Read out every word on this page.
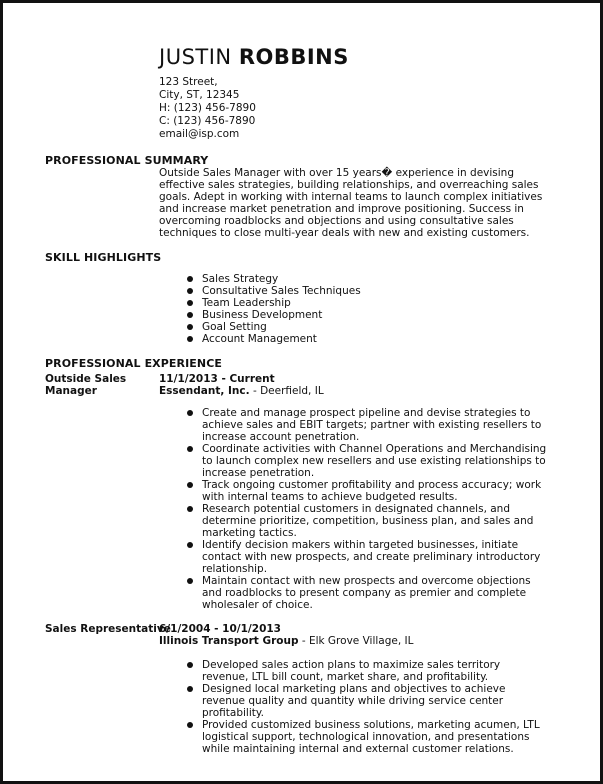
JUSTIN ROBBINS
123 Street,
City, ST, 12345
H: (123) 456-7890
C: (123) 456-7890
email@isp.com
PROFESSIONAL SUMMARY
Outside Sales Manager with over 15 years� experience in devising effective sales strategies, building relationships, and overreaching sales goals. Adept in working with internal teams to launch complex initiatives and increase market penetration and improve positioning. Success in overcoming roadblocks and objections and using consultative sales techniques to close multi-year deals with new and existing customers.
SKILL HIGHLIGHTS
Sales Strategy
Consultative Sales Techniques
Team Leadership
Business Development
Goal Setting
Account Management
PROFESSIONAL EXPERIENCE
Outside Sales Manager
11/1/2013 - Current
Essendant, Inc. - Deerfield, IL
Create and manage prospect pipeline and devise strategies to achieve sales and EBIT targets; partner with existing resellers to increase account penetration.
Coordinate activities with Channel Operations and Merchandising to launch complex new resellers and use existing relationships to increase penetration.
Track ongoing customer profitability and process accuracy; work with internal teams to achieve budgeted results.
Research potential customers in designated channels, and determine prioritize, competition, business plan, and sales and marketing tactics.
Identify decision makers within targeted businesses, initiate contact with new prospects, and create preliminary introductory relationship.
Maintain contact with new prospects and overcome objections and roadblocks to present company as premier and complete wholesaler of choice.
Sales Representative
6/1/2004 - 10/1/2013
Illinois Transport Group - Elk Grove Village, IL
Developed sales action plans to maximize sales territory revenue, LTL bill count, market share, and profitability.
Designed local marketing plans and objectives to achieve revenue quality and quantity while driving service center profitability.
Provided customized business solutions, marketing acumen, LTL logistical support, technological innovation, and presentations while maintaining internal and external customer relations.
